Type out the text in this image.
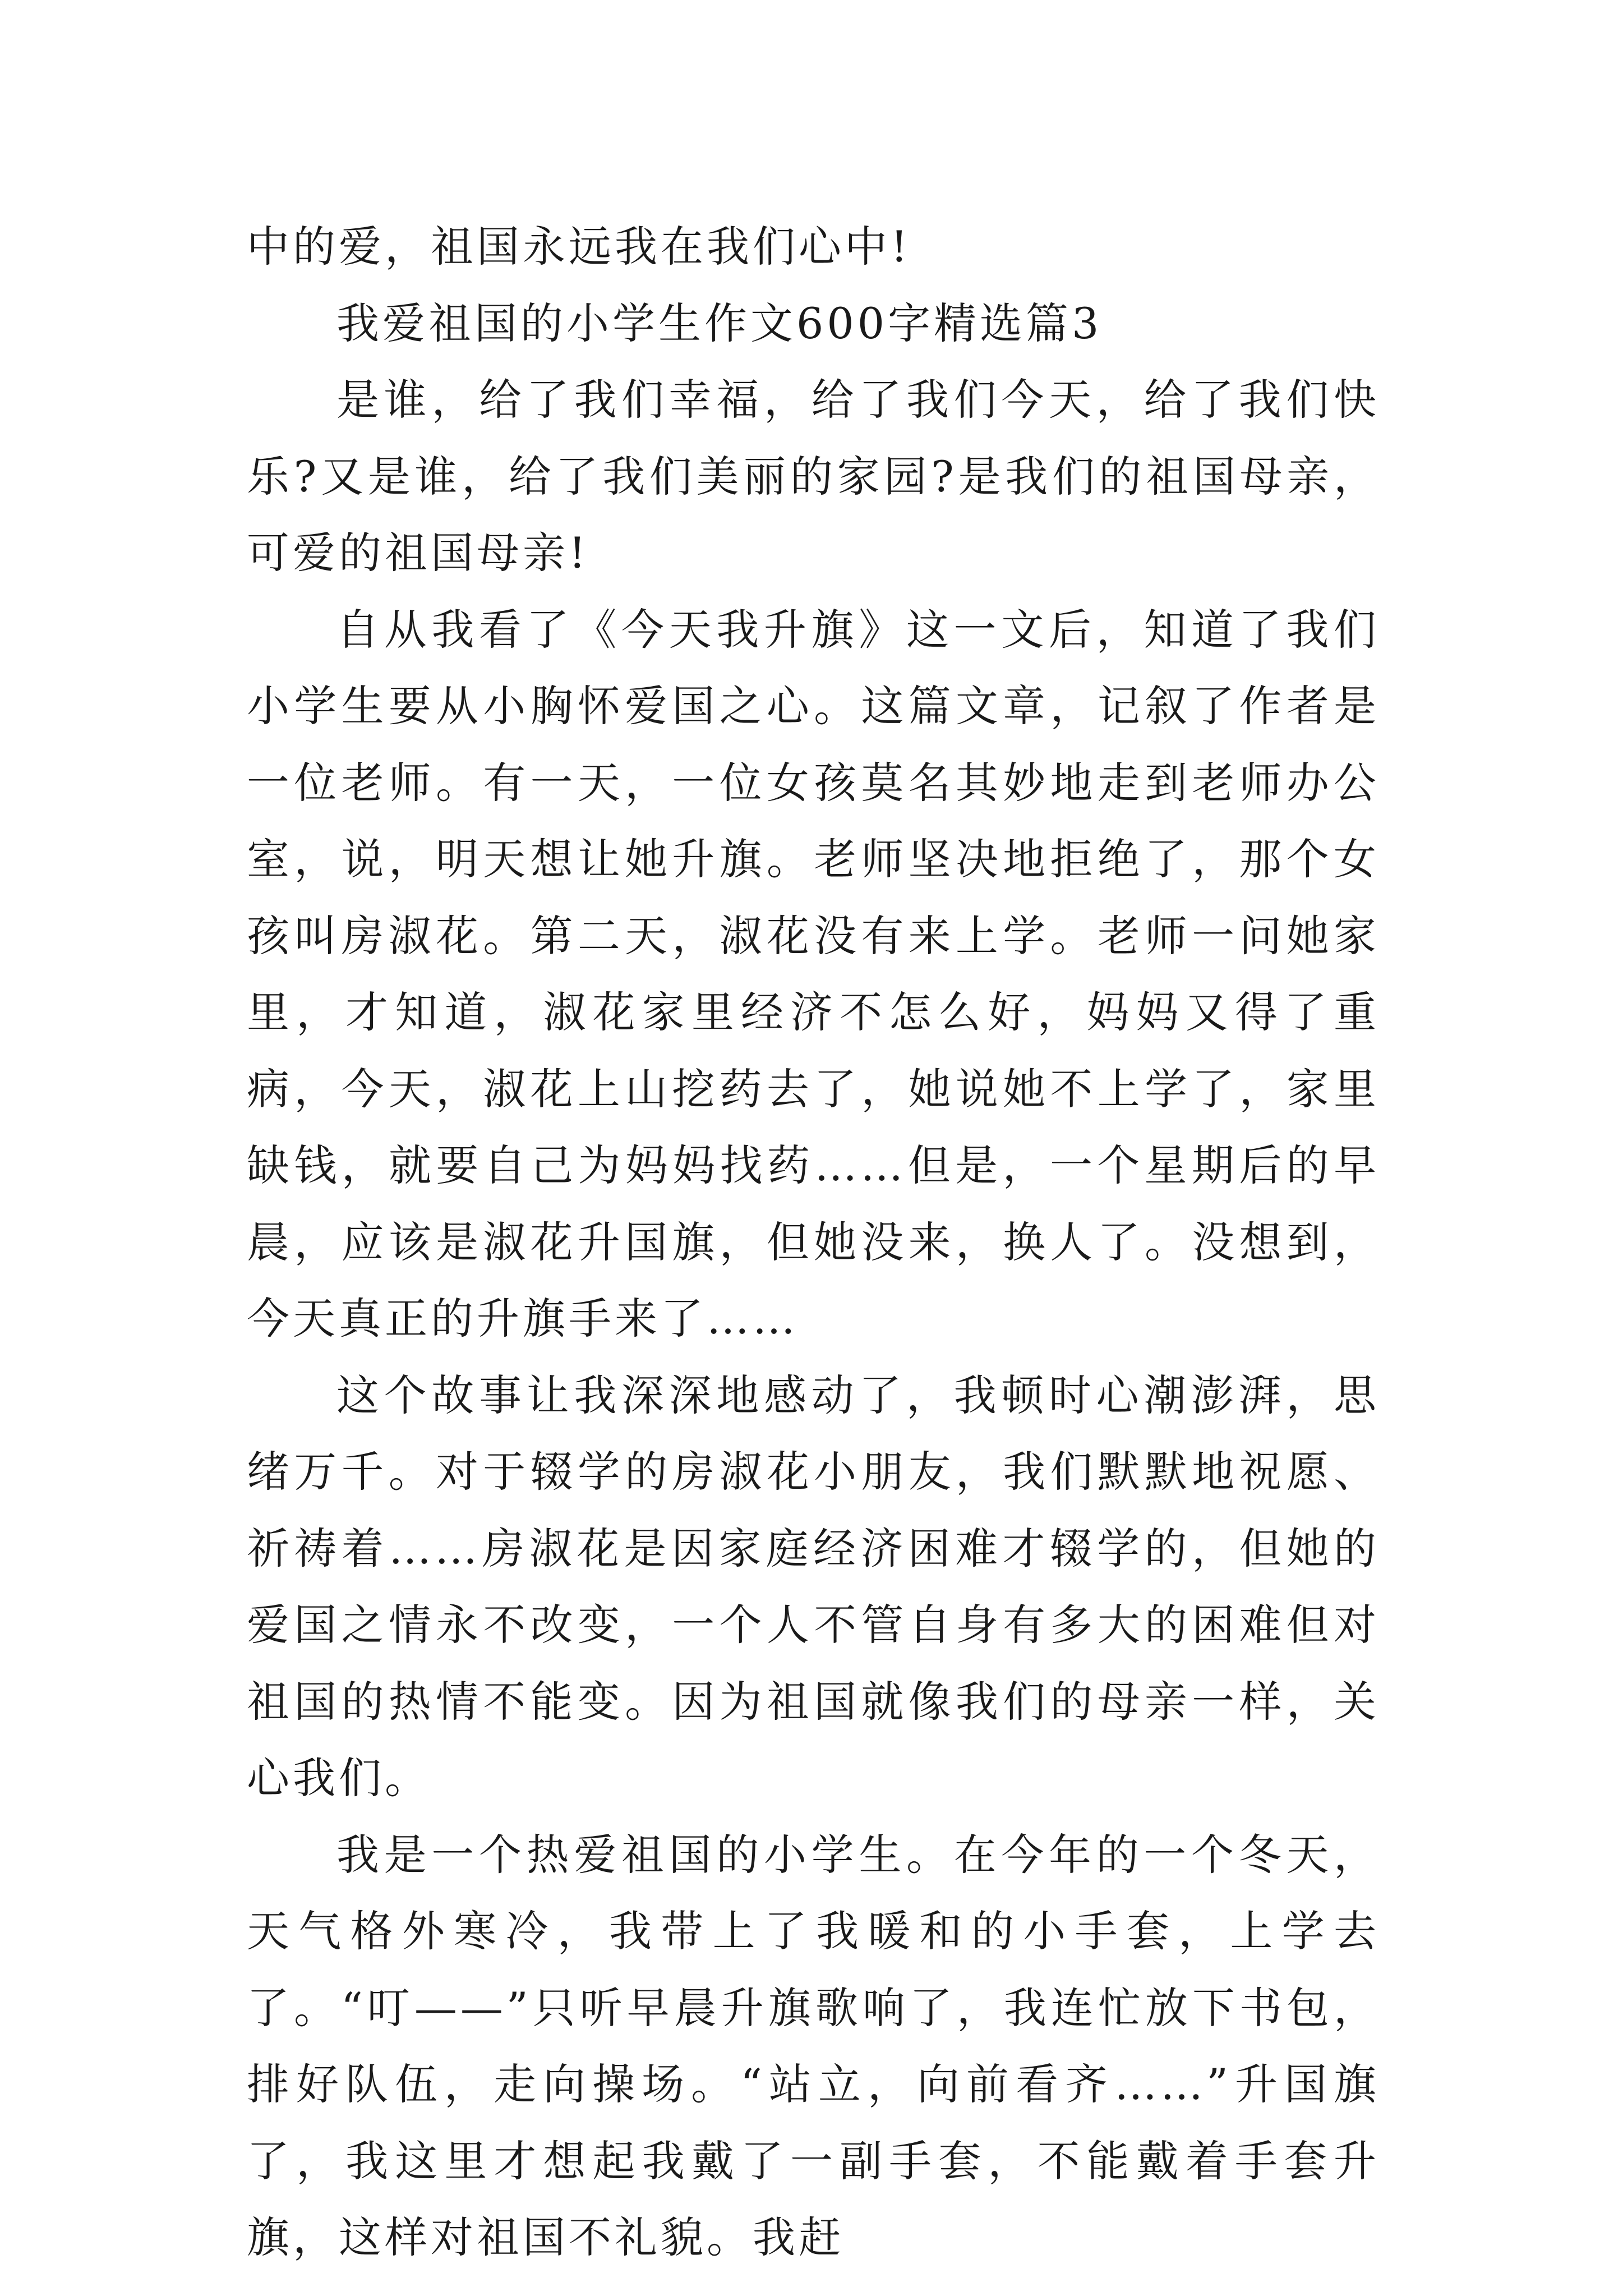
中的爱，祖国永远我在我们心中!

我爱祖国的小学生作文600字精选篇3

是谁，给了我们幸福，给了我们今天，给了我们快乐?又是谁，给了我们美丽的家园?是我们的祖国母亲，可爱的祖国母亲!

自从我看了《今天我升旗》这一文后，知道了我们小学生要从小胸怀爱国之心。这篇文章，记叙了作者是一位老师。有一天，一位女孩莫名其妙地走到老师办公室，说，明天想让她升旗。老师坚决地拒绝了，那个女孩叫房淑花。第二天，淑花没有来上学。老师一问她家里，才知道，淑花家里经济不怎么好，妈妈又得了重病，今天，淑花上山挖药去了，她说她不上学了，家里缺钱，就要自己为妈妈找药……但是，一个星期后的早晨，应该是淑花升国旗，但她没来，换人了。没想到，今天真正的升旗手来了……

这个故事让我深深地感动了，我顿时心潮澎湃，思绪万千。对于辍学的房淑花小朋友，我们默默地祝愿、祈祷着……房淑花是因家庭经济困难才辍学的，但她的爱国之情永不改变，一个人不管自身有多大的困难但对祖国的热情不能变。因为祖国就像我们的母亲一样，关心我们。

我是一个热爱祖国的小学生。在今年的一个冬天，天气格外寒冷，我带上了我暖和的小手套，上学去了。“叮——”只听早晨升旗歌响了，我连忙放下书包，排好队伍，走向操场。“站立，向前看齐……”升国旗了，我这里才想起我戴了一副手套，不能戴着手套升旗，这样对祖国不礼貌。我赶
